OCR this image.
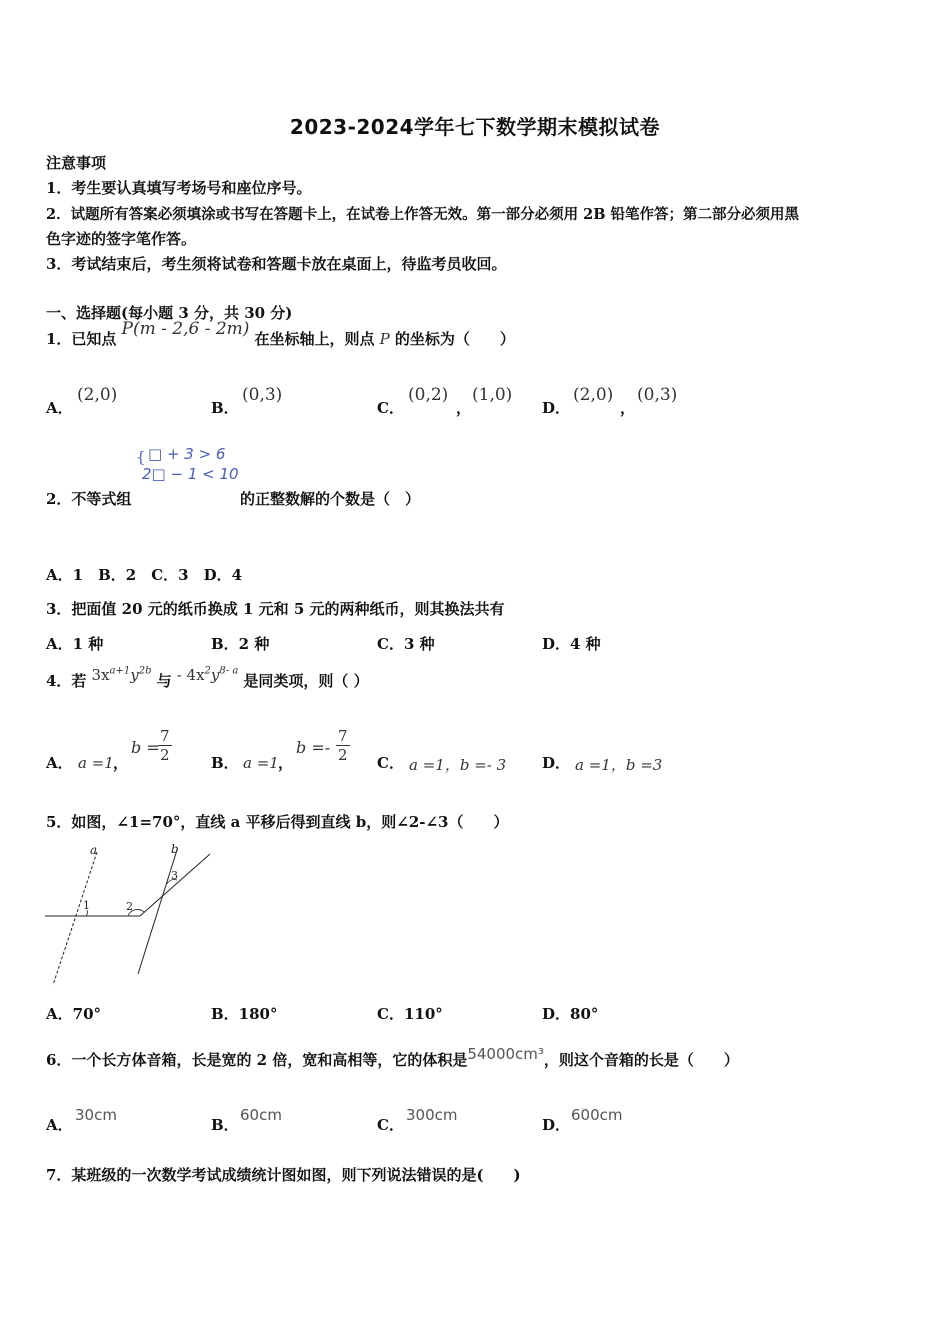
2023-2024学年七下数学期末模拟试卷
注意事项
1．考生要认真填写考场号和座位序号。
2．试题所有答案必须填涂或书写在答题卡上，在试卷上作答无效。第一部分必须用 2B 铅笔作答；第二部分必须用黑
色字迹的签字笔作答。
3．考试结束后，考生须将试卷和答题卡放在桌面上，待监考员收回。
一、选择题(每小题 3 分，共 30 分)
1．已知点 P(m - 2,6 - 2m) 在坐标轴上，则点 P 的坐标为（　　）
A．
(2,0)
B．
(0,3)
C．
(0,2)
，
(1,0)
D．
(2,0)
，
(0,3)
{ □ + 3 > 6
2□ − 1 < 10
2．不等式组	的正整数解的个数是（　）
A．1　B．2　C．3　D．4
3．把面值 20 元的纸币换成 1 元和 5 元的两种纸币，则其换法共有
A．1 种	B．2 种	C．3 种	D．4 种
4．若 $3x^{a+1}y^{2b}$ 与 - $4x^2y^{8- a}$ 是同类项，则（ ）
A． a =1 ，
b =
$\frac{7}{2}$	B． a =1 ，
$b =- \frac{7}{2}$ C． a =1，b =- 3 D． a =1，b =3
5．如图，∠1=70°，直线 a 平移后得到直线 b，则∠2-∠3（　　）
a	b
1	2
3
A．70°	B．180°	C．110°	D．80°
6．一个长方体音箱，长是宽的 2 倍，宽和高相等，它的体积是54000cm³，则这个音箱的长是（　　）
A．
30cm
B．
60cm
C．
300cm
D．
600cm
7．某班级的一次数学考试成绩统计图如图，则下列说法错误的是(　　)
